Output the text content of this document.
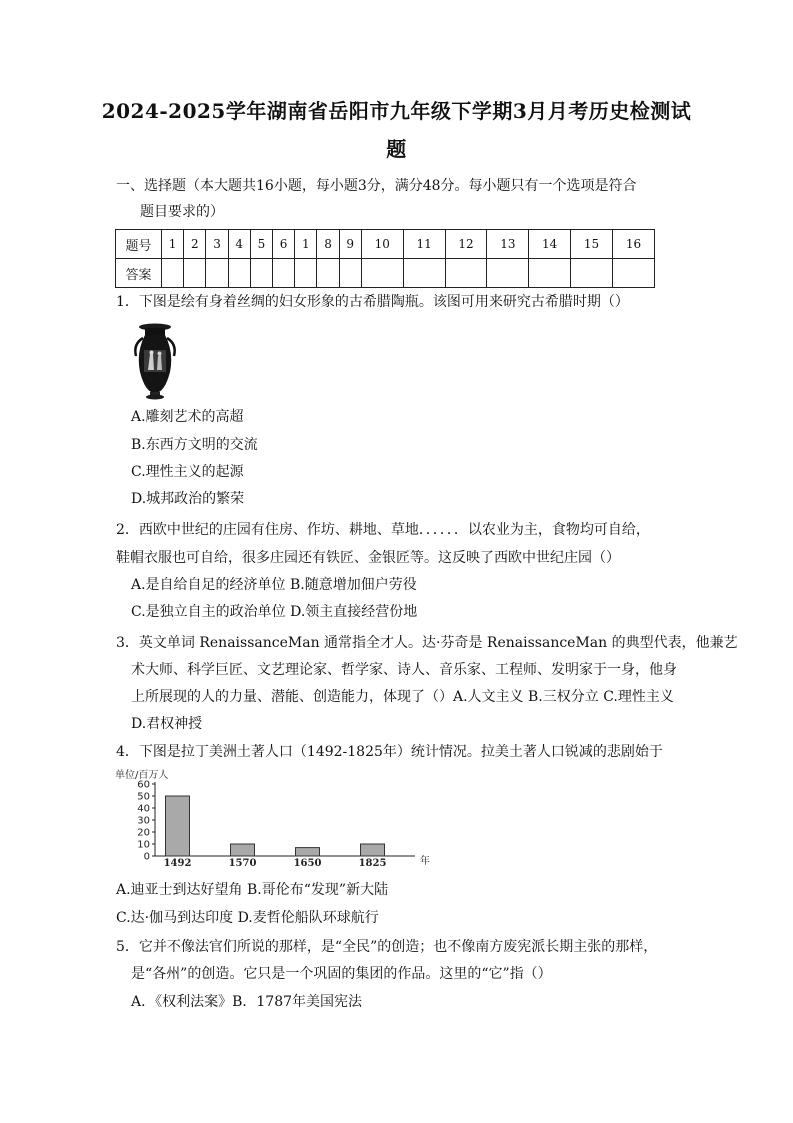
2024-2025学年湖南省岳阳市九年级下学期3月月考历史检测试题
一、选择题（本大题共16小题，每小题3分，满分48分。每小题只有一个选项是符合
题目要求的）
题号	1	2	3	4	5	6	1	8	9	10	11	12	13	14	15	16
答案																
1．下图是绘有身着丝绸的妇女形象的古希腊陶瓶。该图可用来研究古希腊时期（）
A.雕刻艺术的高超
B.东西方文明的交流
C.理性主义的起源
D.城邦政治的繁荣
2．西欧中世纪的庄园有住房、作坊、耕地、草地．．．．．．以农业为主，食物均可自给，
鞋帽衣服也可自给，很多庄园还有铁匠、金银匠等。这反映了西欧中世纪庄园（）
A.是自给自足的经济单位 B.随意增加佃户劳役
C.是独立自主的政治单位 D.领主直接经营份地
3．英文单词 RenaissanceMan 通常指全才人。达·芬奇是 RenaissanceMan 的典型代表，他兼艺
术大师、科学巨匠、文艺理论家、哲学家、诗人、音乐家、工程师、发明家于一身，他身
上所展现的人的力量、潜能、创造能力，体现了（）A.人文主义 B.三权分立 C.理性主义
D.君权神授
4．下图是拉丁美洲土著人口（1492-1825年）统计情况。拉美土著人口锐减的悲剧始于
单位/百万人
年
0
10
20
30
40
50
60
1492	1570	1650	1825
A.迪亚士到达好望角 B.哥伦布“发现”新大陆
C.达·伽马到达印度 D.麦哲伦船队环球航行
5．它并不像法官们所说的那样，是“全民”的创造；也不像南方废宪派长期主张的那样，
是“各州”的创造。它只是一个巩固的集团的作品。这里的“它”指（）
A．《权利法案》B．1787年美国宪法
